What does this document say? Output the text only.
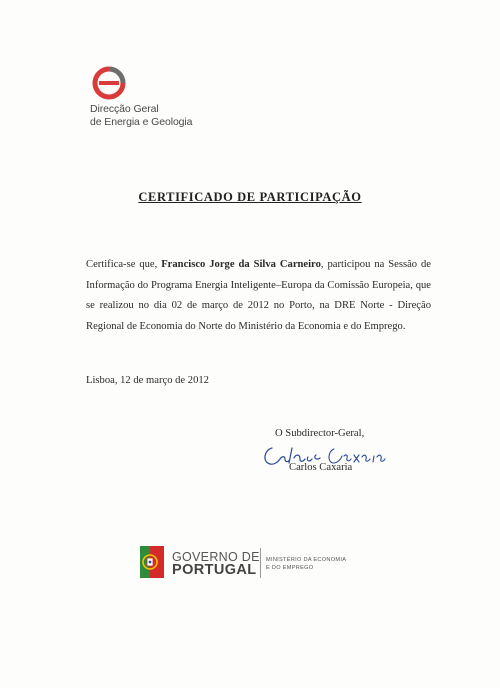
Direcção Geral
de Energia e Geologia
CERTIFICADO DE PARTICIPAÇÃO
Certifica-se que, Francisco Jorge da Silva Carneiro, participou na Sessão de Informação do Programa Energia Inteligente–Europa da Comissão Europeia, que se realizou no dia 02 de março de 2012 no Porto, na DRE Norte - Direção Regional de Economia do Norte do Ministério da Economia e do Emprego.
Lisboa, 12 de março de 2012
O Subdirector-Geral,
Carlos Caxaria
GOVERNO DE
PORTUGAL
MINISTÉRIO DA ECONOMIA
E DO EMPREGO
